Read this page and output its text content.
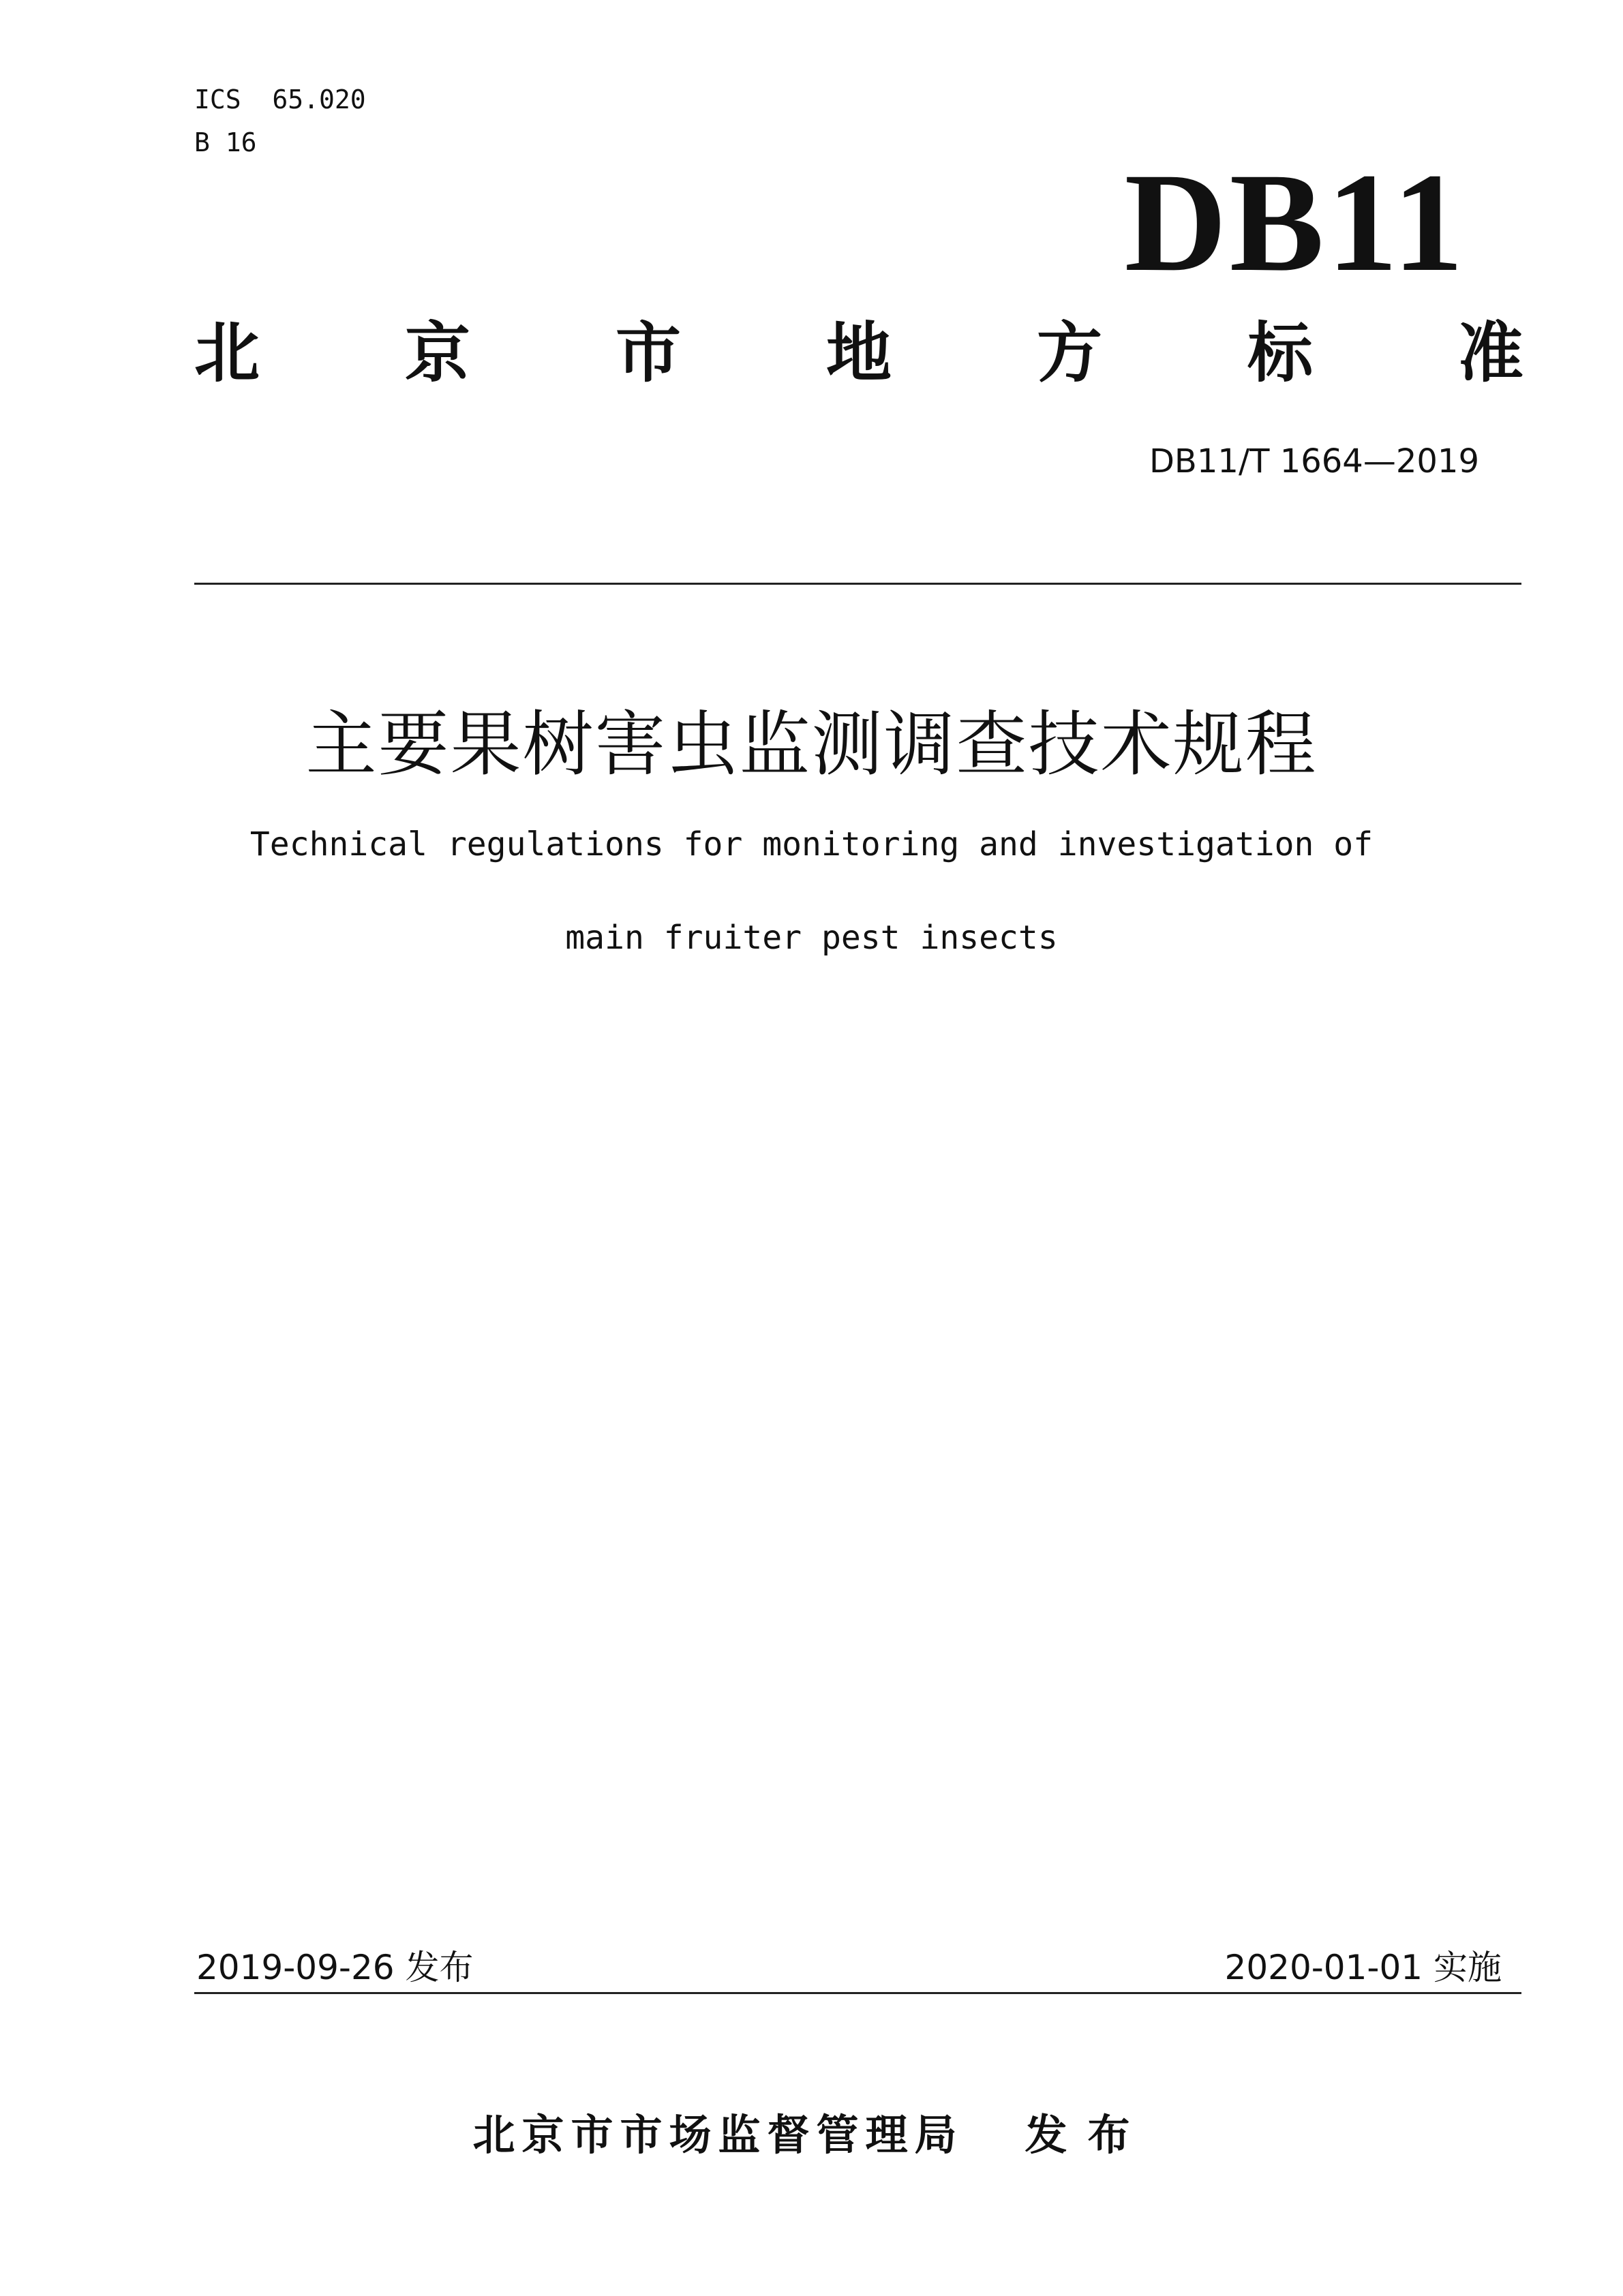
ICS  65.020
B 16
DB11
北 京 市 地 方 标 准
DB11/T 1664—2019
主要果树害虫监测调查技术规程
Technical regulations for monitoring and investigation of
main fruiter pest insects
2019-09-26 发布	2020-01-01 实施
北京市市场监督管理局 发布
